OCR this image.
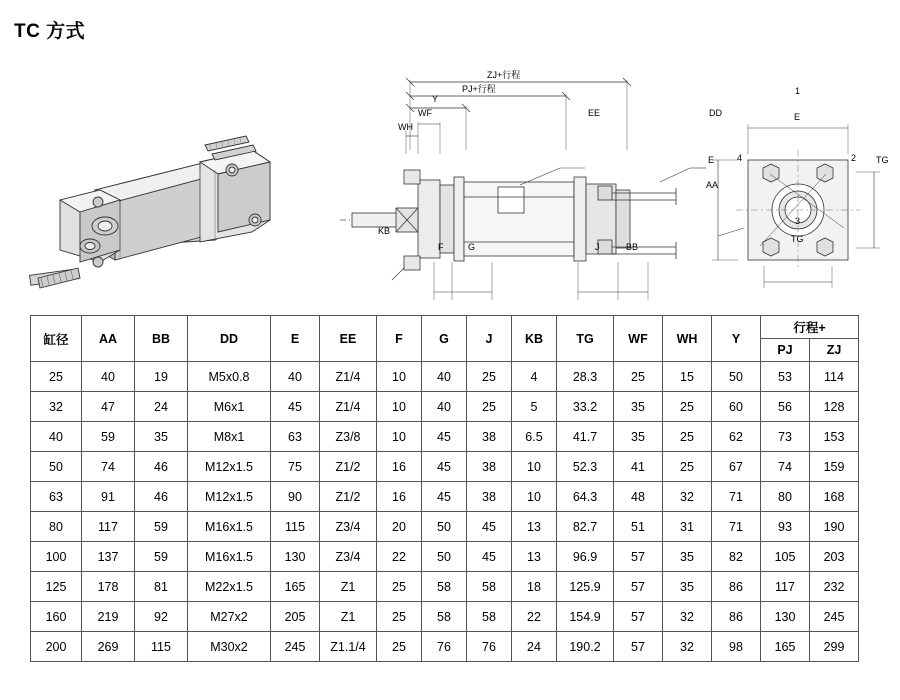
TC 方式
ZJ+行程
PJ+行程
Y
WF
WH
EE	DD
KB
F	G	J	BB
E
E	TG
TG
AA
1
2
3
4
缸径	AA	BB	DD	E	EE	F	G	J	KB	TG	WF	WH	Y	行程+	
														PJ	ZJ
25	40	19	M5x0.8	40	Z1/4	10	40	25	4	28.3	25	15	50	53	114
32	47	24	M6x1	45	Z1/4	10	40	25	5	33.2	35	25	60	56	128
40	59	35	M8x1	63	Z3/8	10	45	38	6.5	41.7	35	25	62	73	153
50	74	46	M12x1.5	75	Z1/2	16	45	38	10	52.3	41	25	67	74	159
63	91	46	M12x1.5	90	Z1/2	16	45	38	10	64.3	48	32	71	80	168
80	117	59	M16x1.5	115	Z3/4	20	50	45	13	82.7	51	31	71	93	190
100	137	59	M16x1.5	130	Z3/4	22	50	45	13	96.9	57	35	82	105	203
125	178	81	M22x1.5	165	Z1	25	58	58	18	125.9	57	35	86	117	232
160	219	92	M27x2	205	Z1	25	58	58	22	154.9	57	32	86	130	245
200	269	115	M30x2	245	Z1.1/4	25	76	76	24	190.2	57	32	98	165	299
